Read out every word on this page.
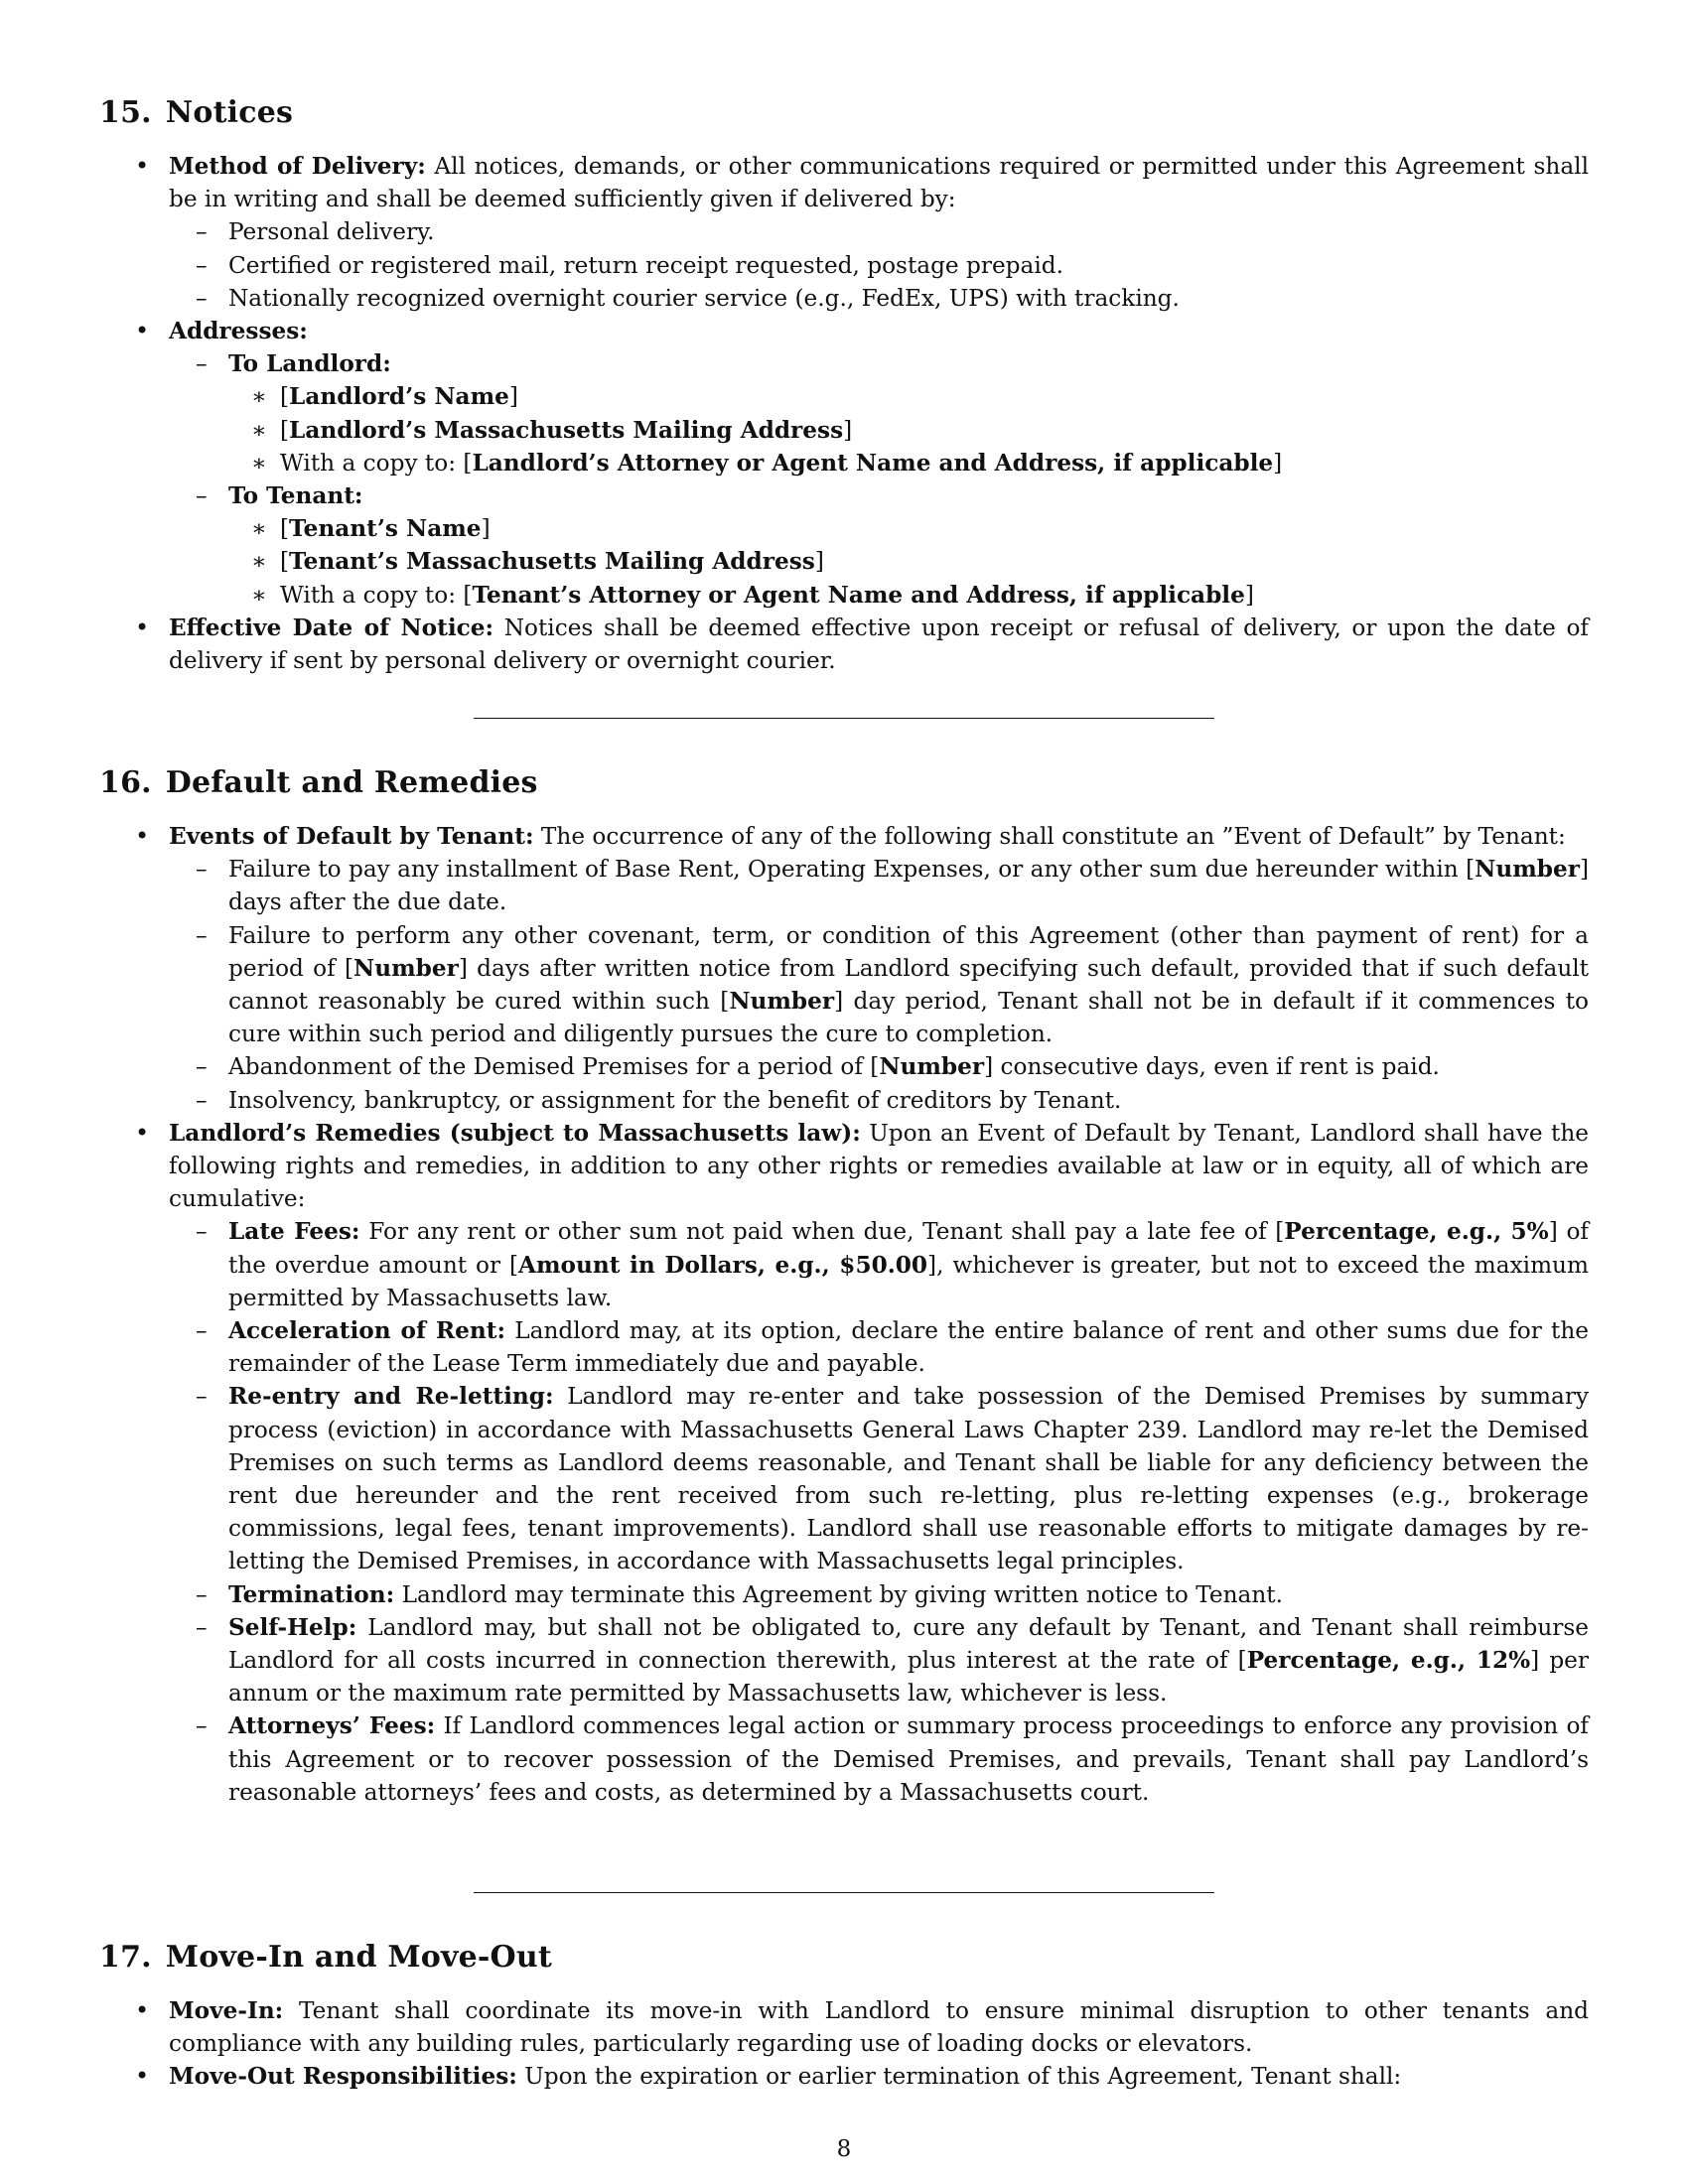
15. Notices
• Method of Delivery: All notices, demands, or other communications required or permitted under this Agreement shall be in writing and shall be deemed sufficiently given if delivered by:
– Personal delivery.
– Certified or registered mail, return receipt requested, postage prepaid.
– Nationally recognized overnight courier service (e.g., FedEx, UPS) with tracking.
• Addresses:
– To Landlord:
∗ [Landlord’s Name]
∗ [Landlord’s Massachusetts Mailing Address]
∗ With a copy to: [Landlord’s Attorney or Agent Name and Address, if applicable]
– To Tenant:
∗ [Tenant’s Name]
∗ [Tenant’s Massachusetts Mailing Address]
∗ With a copy to: [Tenant’s Attorney or Agent Name and Address, if applicable]
• Effective Date of Notice: Notices shall be deemed effective upon receipt or refusal of delivery, or upon the date of delivery if sent by personal delivery or overnight courier.
16. Default and Remedies
• Events of Default by Tenant: The occurrence of any of the following shall constitute an ”Event of Default” by Tenant:
– Failure to pay any installment of Base Rent, Operating Expenses, or any other sum due hereunder within [Number] days after the due date.
– Failure to perform any other covenant, term, or condition of this Agreement (other than payment of rent) for a period of [Number] days after written notice from Landlord specifying such default, provided that if such default cannot reasonably be cured within such [Number] day period, Tenant shall not be in default if it commences to cure within such period and diligently pursues the cure to completion.
– Abandonment of the Demised Premises for a period of [Number] consecutive days, even if rent is paid.
– Insolvency, bankruptcy, or assignment for the benefit of creditors by Tenant.
• Landlord’s Remedies (subject to Massachusetts law): Upon an Event of Default by Tenant, Landlord shall have the following rights and remedies, in addition to any other rights or remedies available at law or in equity, all of which are cumulative:
– Late Fees: For any rent or other sum not paid when due, Tenant shall pay a late fee of [Percentage, e.g., 5%] of the overdue amount or [Amount in Dollars, e.g., $50.00], whichever is greater, but not to exceed the maximum permitted by Massachusetts law.
– Acceleration of Rent: Landlord may, at its option, declare the entire balance of rent and other sums due for the remainder of the Lease Term immediately due and payable.
– Re-entry and Re-letting: Landlord may re-enter and take possession of the Demised Premises by summary process (eviction) in accordance with Massachusetts General Laws Chapter 239. Landlord may re-let the Demised Premises on such terms as Landlord deems reasonable, and Tenant shall be liable for any deficiency between the rent due hereunder and the rent received from such re-letting, plus re-letting expenses (e.g., brokerage commissions, legal fees, tenant improvements). Landlord shall use reasonable efforts to mitigate damages by re-letting the Demised Premises, in accordance with Massachusetts legal principles.
– Termination: Landlord may terminate this Agreement by giving written notice to Tenant.
– Self-Help: Landlord may, but shall not be obligated to, cure any default by Tenant, and Tenant shall reimburse Landlord for all costs incurred in connection therewith, plus interest at the rate of [Percentage, e.g., 12%] per annum or the maximum rate permitted by Massachusetts law, whichever is less.
– Attorneys’ Fees: If Landlord commences legal action or summary process proceedings to enforce any provision of this Agreement or to recover possession of the Demised Premises, and prevails, Tenant shall pay Landlord’s reasonable attorneys’ fees and costs, as determined by a Massachusetts court.
17. Move-In and Move-Out
• Move-In: Tenant shall coordinate its move-in with Landlord to ensure minimal disruption to other tenants and compliance with any building rules, particularly regarding use of loading docks or elevators.
• Move-Out Responsibilities: Upon the expiration or earlier termination of this Agreement, Tenant shall:
8
